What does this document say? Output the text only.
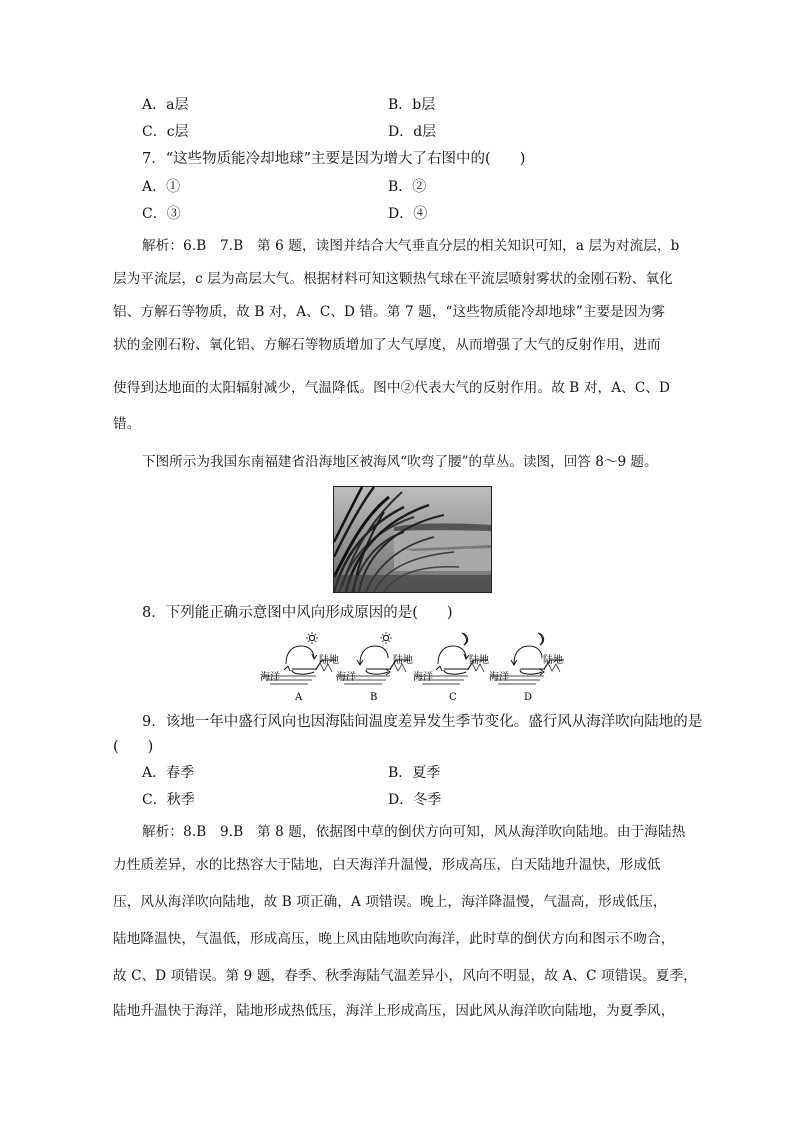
A．a层	B．b层
C．c层	D．d层
7．“这些物质能冷却地球”主要是因为增大了右图中的(　　)
A．①	B．②
C．③	D．④
解析：6.B　7.B　第 6 题，读图并结合大气垂直分层的相关知识可知，a 层为对流层，b
层为平流层，c 层为高层大气。根据材料可知这颗热气球在平流层喷射雾状的金刚石粉、氧化
铝、方解石等物质，故 B 对，A、C、D 错。第 7 题，“这些物质能冷却地球”主要是因为雾
状的金刚石粉、氧化铝、方解石等物质增加了大气厚度，从而增强了大气的反射作用，进而
使得到达地面的太阳辐射减少，气温降低。图中②代表大气的反射作用。故 B 对，A、C、D
错。
下图所示为我国东南福建省沿海地区被海风“吹弯了腰”的草丛。读图，回答 8～9 题。
8．下列能正确示意图中风向形成原因的是(　　)
陆地	陆地	陆地	陆地
海洋	海洋	海洋	海洋
A	B	C	D
9．该地一年中盛行风向也因海陆间温度差异发生季节变化。盛行风从海洋吹向陆地的是
(　　)
A．春季	B．夏季
C．秋季	D．冬季
解析：8.B　9.B　第 8 题，依据图中草的倒伏方向可知，风从海洋吹向陆地。由于海陆热
力性质差异，水的比热容大于陆地，白天海洋升温慢，形成高压，白天陆地升温快，形成低
压，风从海洋吹向陆地，故 B 项正确，A 项错误。晚上，海洋降温慢，气温高，形成低压，
陆地降温快，气温低，形成高压，晚上风由陆地吹向海洋，此时草的倒伏方向和图示不吻合，
故 C、D 项错误。第 9 题，春季、秋季海陆气温差异小，风向不明显，故 A、C 项错误。夏季，
陆地升温快于海洋，陆地形成热低压，海洋上形成高压，因此风从海洋吹向陆地，为夏季风，
